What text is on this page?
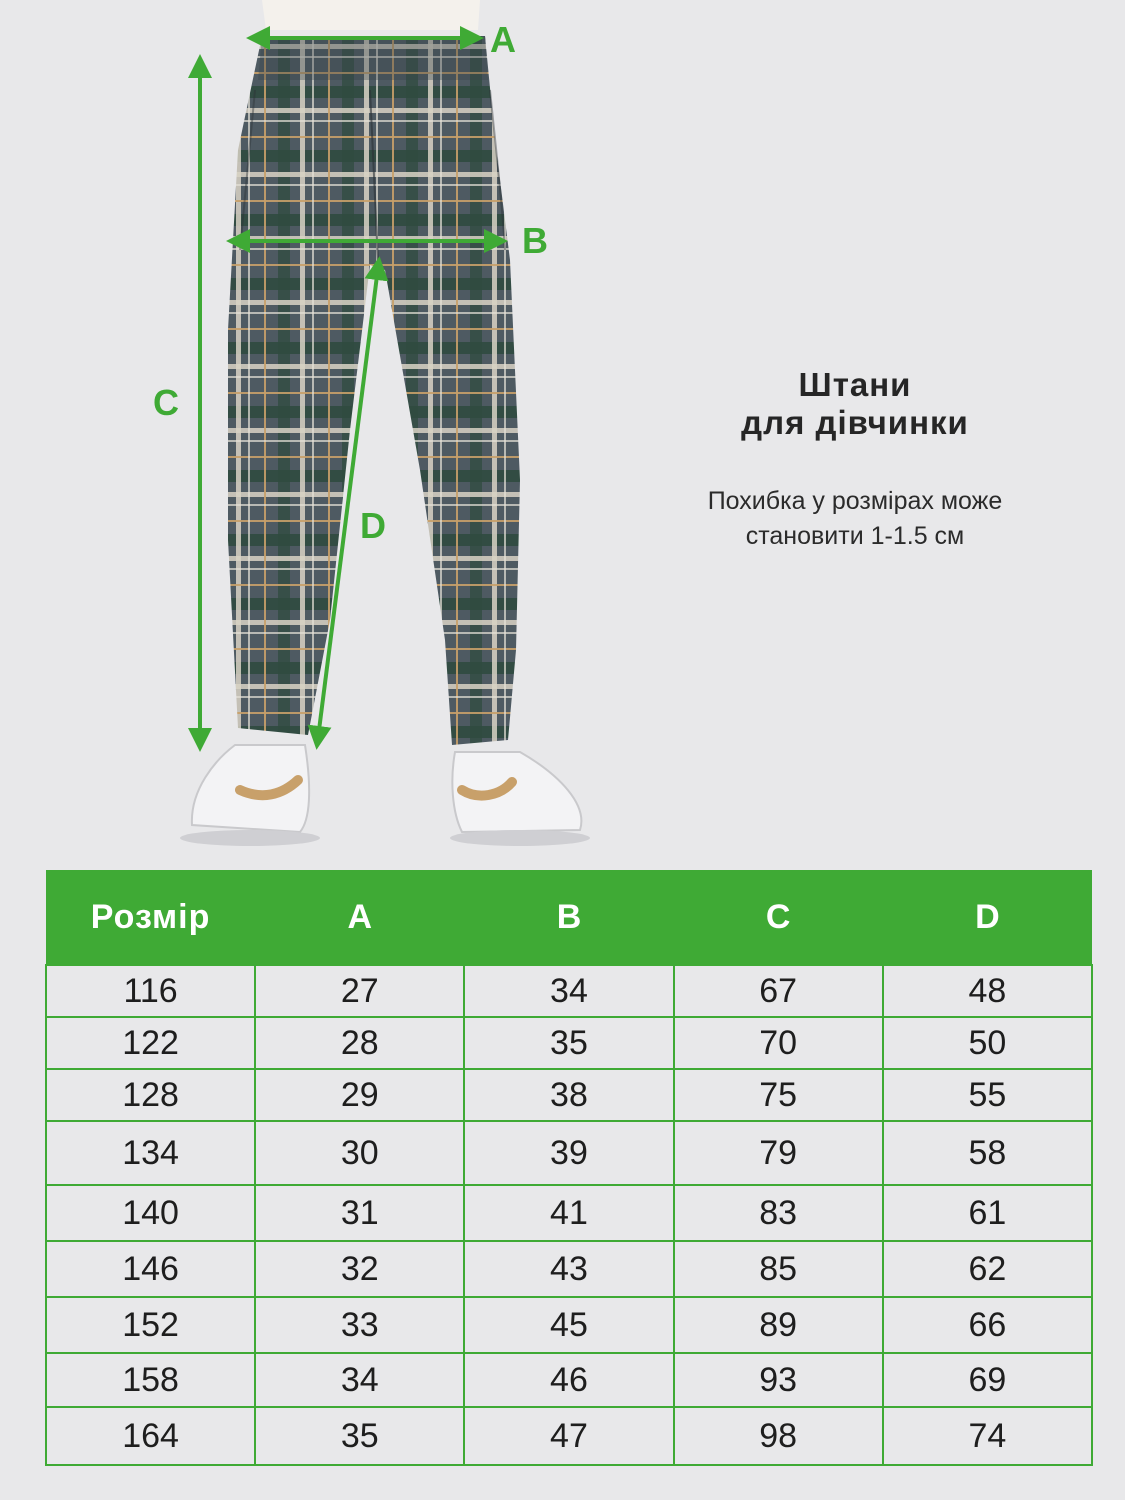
A
B
C
D
Штани
для дівчинки
Похибка у розмірах може
становити 1-1.5 см
Розмір	A	B	C	D
116	27	34	67	48
122	28	35	70	50
128	29	38	75	55
134	30	39	79	58
140	31	41	83	61
146	32	43	85	62
152	33	45	89	66
158	34	46	93	69
164	35	47	98	74
